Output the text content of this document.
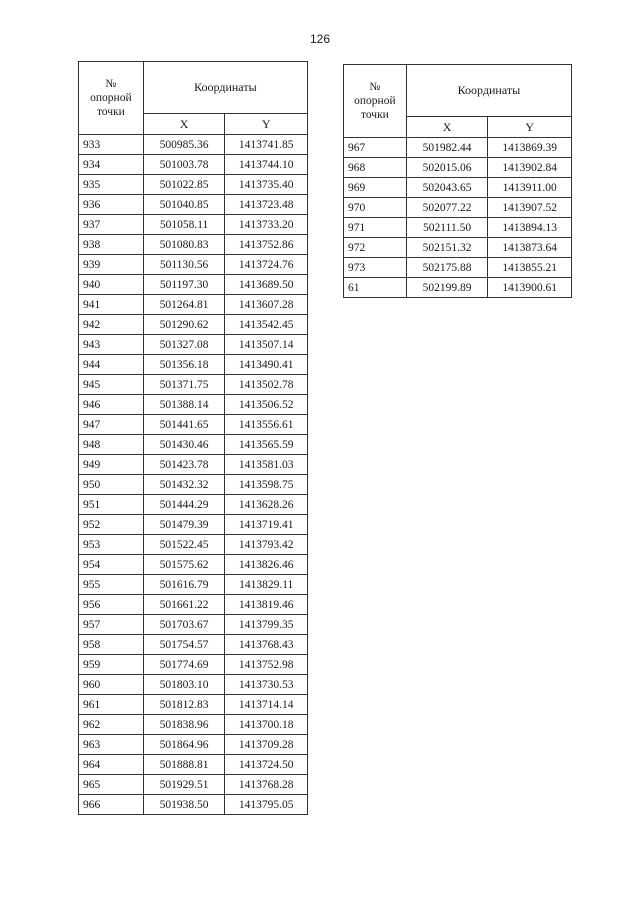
126
№
опорной
точки	Координаты	
	X	Y
933	500985.36	1413741.85
934	501003.78	1413744.10
935	501022.85	1413735.40
936	501040.85	1413723.48
937	501058.11	1413733.20
938	501080.83	1413752.86
939	501130.56	1413724.76
940	501197.30	1413689.50
941	501264.81	1413607.28
942	501290.62	1413542.45
943	501327.08	1413507.14
944	501356.18	1413490.41
945	501371.75	1413502.78
946	501388.14	1413506.52
947	501441.65	1413556.61
948	501430.46	1413565.59
949	501423.78	1413581.03
950	501432.32	1413598.75
951	501444.29	1413628.26
952	501479.39	1413719.41
953	501522.45	1413793.42
954	501575.62	1413826.46
955	501616.79	1413829.11
956	501661.22	1413819.46
957	501703.67	1413799.35
958	501754.57	1413768.43
959	501774.69	1413752.98
960	501803.10	1413730.53
961	501812.83	1413714.14
962	501838.96	1413700.18
963	501864.96	1413709.28
964	501888.81	1413724.50
965	501929.51	1413768.28
966	501938.50	1413795.05
№
опорной
точки	Координаты	
	X	Y
967	501982.44	1413869.39
968	502015.06	1413902.84
969	502043.65	1413911.00
970	502077.22	1413907.52
971	502111.50	1413894.13
972	502151.32	1413873.64
973	502175.88	1413855.21
61	502199.89	1413900.61
